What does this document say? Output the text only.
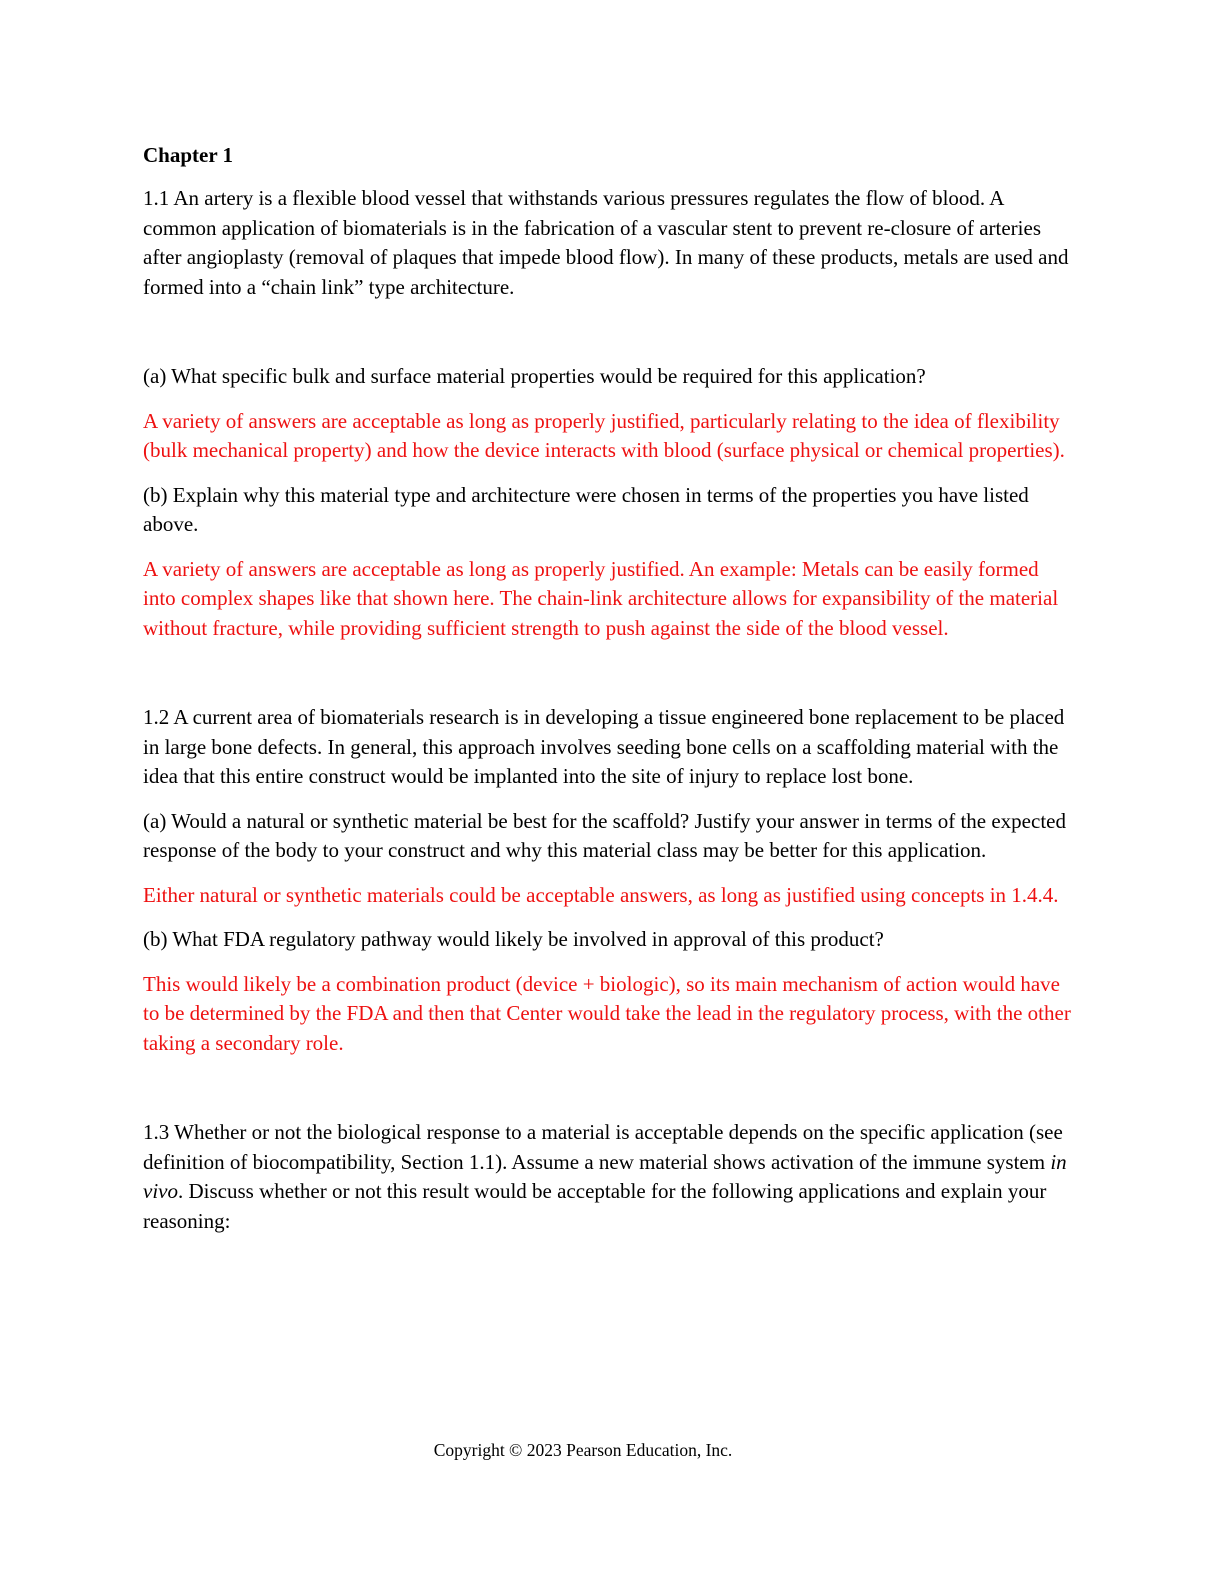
Chapter 1

1.1 An artery is a flexible blood vessel that withstands various pressures regulates the flow of blood. A common application of biomaterials is in the fabrication of a vascular stent to prevent re-closure of arteries after angioplasty (removal of plaques that impede blood flow). In many of these products, metals are used and formed into a “chain link” type architecture.

(a) What specific bulk and surface material properties would be required for this application?

A variety of answers are acceptable as long as properly justified, particularly relating to the idea of flexibility (bulk mechanical property) and how the device interacts with blood (surface physical or chemical properties).

(b) Explain why this material type and architecture were chosen in terms of the properties you have listed above.

A variety of answers are acceptable as long as properly justified. An example: Metals can be easily formed into complex shapes like that shown here. The chain-link architecture allows for expansibility of the material without fracture, while providing sufficient strength to push against the side of the blood vessel.

1.2 A current area of biomaterials research is in developing a tissue engineered bone replacement to be placed in large bone defects. In general, this approach involves seeding bone cells on a scaffolding material with the idea that this entire construct would be implanted into the site of injury to replace lost bone.

(a) Would a natural or synthetic material be best for the scaffold? Justify your answer in terms of the expected response of the body to your construct and why this material class may be better for this application.

Either natural or synthetic materials could be acceptable answers, as long as justified using concepts in 1.4.4.

(b) What FDA regulatory pathway would likely be involved in approval of this product?

This would likely be a combination product (device + biologic), so its main mechanism of action would have to be determined by the FDA and then that Center would take the lead in the regulatory process, with the other taking a secondary role.

1.3 Whether or not the biological response to a material is acceptable depends on the specific application (see definition of biocompatibility, Section 1.1). Assume a new material shows activation of the immune system in vivo. Discuss whether or not this result would be acceptable for the following applications and explain your reasoning:

Copyright © 2023 Pearson Education, Inc.
